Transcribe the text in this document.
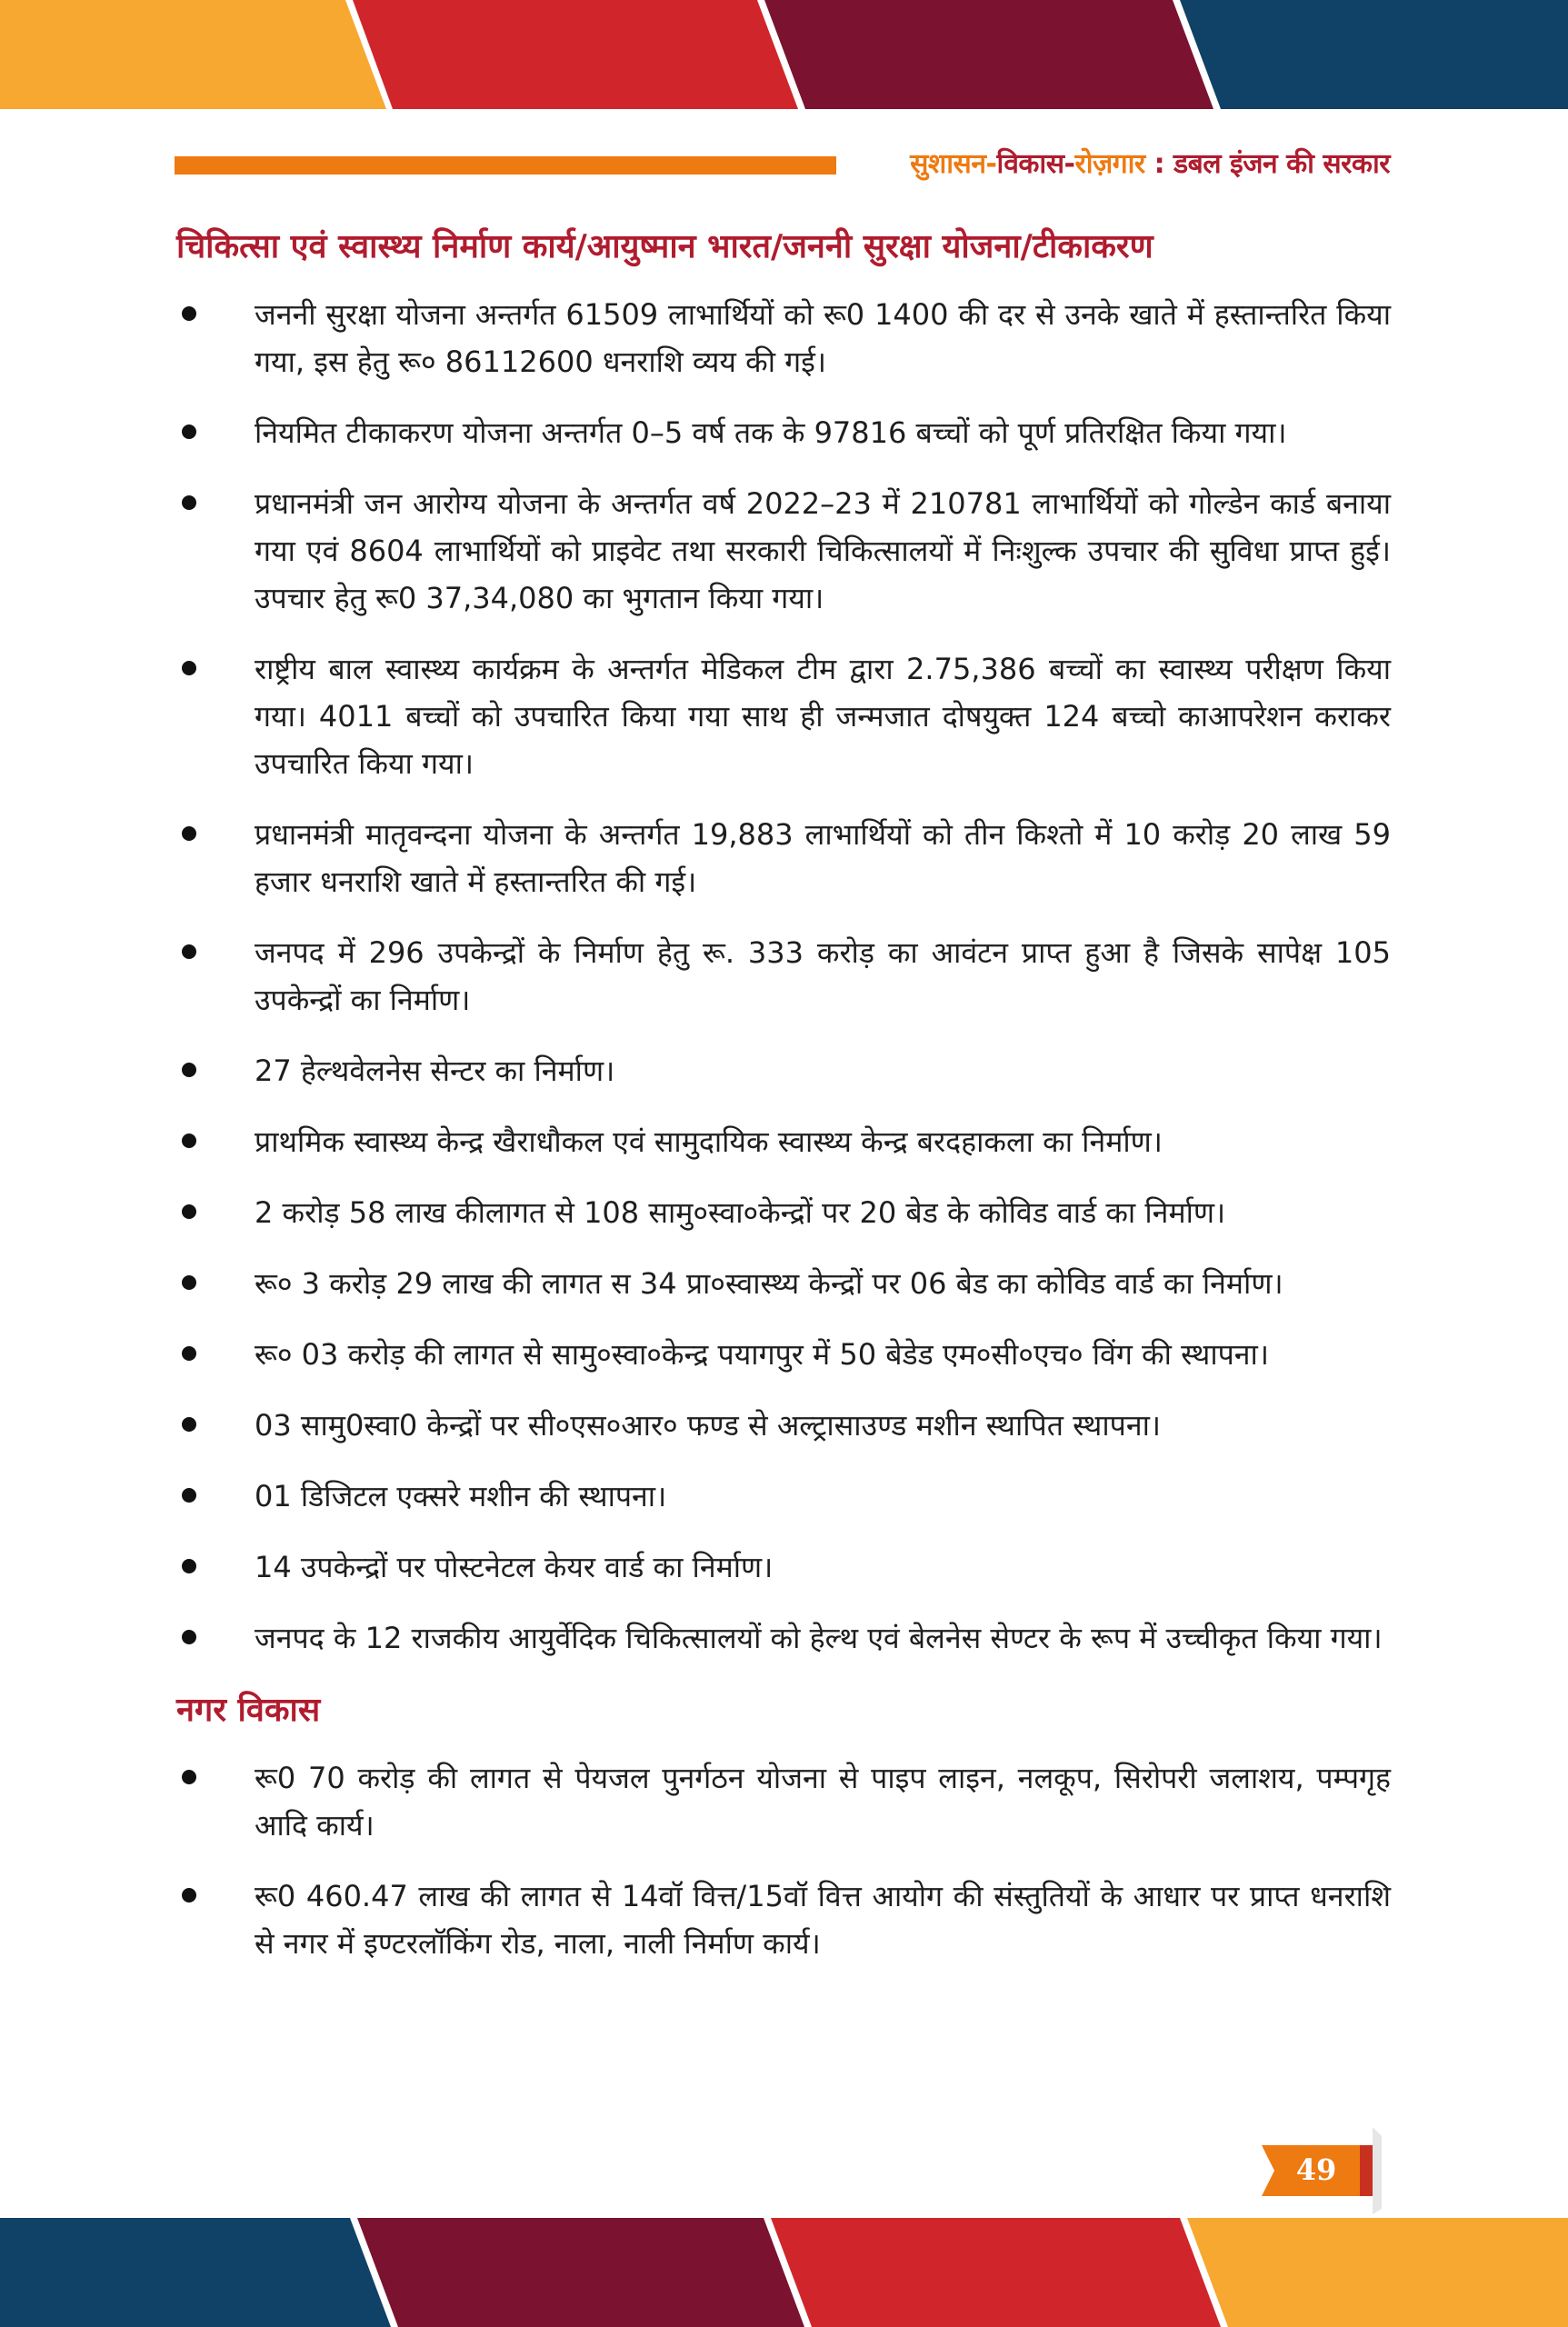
सुशासन-विकास-रोज़गार : डबल इंजन की सरकार
चिकित्सा एवं स्वास्थ्य निर्माण कार्य/आयुष्मान भारत/जननी सुरक्षा योजना/टीकाकरण
जननी सुरक्षा योजना अन्तर्गत 61509 लाभार्थियों को रू0 1400 की दर से उनके खाते में हस्तान्तरित किया गया, इस हेतु रू० 86112600 धनराशि व्यय की गई।
नियमित टीकाकरण योजना अन्तर्गत 0–5 वर्ष तक के 97816 बच्चों को पूर्ण प्रतिरक्षित किया गया।
प्रधानमंत्री जन आरोग्य योजना के अन्तर्गत वर्ष 2022–23 में 210781 लाभार्थियों को गोल्डेन कार्ड बनाया गया एवं 8604 लाभार्थियों को प्राइवेट तथा सरकारी चिकित्सालयों में निःशुल्क उपचार की सुविधा प्राप्त हुई। उपचार हेतु रू0 37,34,080 का भुगतान किया गया।
राष्ट्रीय बाल स्वास्थ्य कार्यक्रम के अन्तर्गत मेडिकल टीम द्वारा 2.75,386 बच्चों का स्वास्थ्य परीक्षण किया गया। 4011 बच्चों को उपचारित किया गया साथ ही जन्मजात दोषयुक्त 124 बच्चो काआपरेशन कराकर उपचारित किया गया।
प्रधानमंत्री मातृवन्दना योजना के अन्तर्गत 19,883 लाभार्थियों को तीन किश्तो में 10 करोड़ 20 लाख 59 हजार धनराशि खाते में हस्तान्तरित की गई।
जनपद में 296 उपकेन्द्रों के निर्माण हेतु रू. 333 करोड़ का आवंटन प्राप्त हुआ है जिसके सापेक्ष 105 उपकेन्द्रों का निर्माण।
27 हेल्थवेलनेस सेन्टर का निर्माण।
प्राथमिक स्वास्थ्य केन्द्र खैराधौकल एवं सामुदायिक स्वास्थ्य केन्द्र बरदहाकला का निर्माण।
2 करोड़ 58 लाख कीलागत से 108 सामु०स्वा०केन्द्रों पर 20 बेड के कोविड वार्ड का निर्माण।
रू० 3 करोड़ 29 लाख की लागत स 34 प्रा०स्वास्थ्य केन्द्रों पर 06 बेड का कोविड वार्ड का निर्माण।
रू० 03 करोड़ की लागत से सामु०स्वा०केन्द्र पयागपुर में 50 बेडेड एम०सी०एच० विंग की स्थापना।
03 सामु0स्वा0 केन्द्रों पर सी०एस०आर० फण्ड से अल्ट्रासाउण्ड मशीन स्थापित स्थापना।
01 डिजिटल एक्सरे मशीन की स्थापना।
14 उपकेन्द्रों पर पोस्टनेटल केयर वार्ड का निर्माण।
जनपद के 12 राजकीय आयुर्वेदिक चिकित्सालयों को हेल्थ एवं बेलनेस सेण्टर के रूप में उच्चीकृत किया गया।
नगर विकास
रू0 70 करोड़ की लागत से पेयजल पुनर्गठन योजना से पाइप लाइन, नलकूप, सिरोपरी जलाशय, पम्पगृह आदि कार्य।
रू0 460.47 लाख की लागत से 14वॉ वित्त/15वॉ वित्त आयोग की संस्तुतियों के आधार पर प्राप्त धनराशि से नगर में इण्टरलॉकिंग रोड, नाला, नाली निर्माण कार्य।
49
